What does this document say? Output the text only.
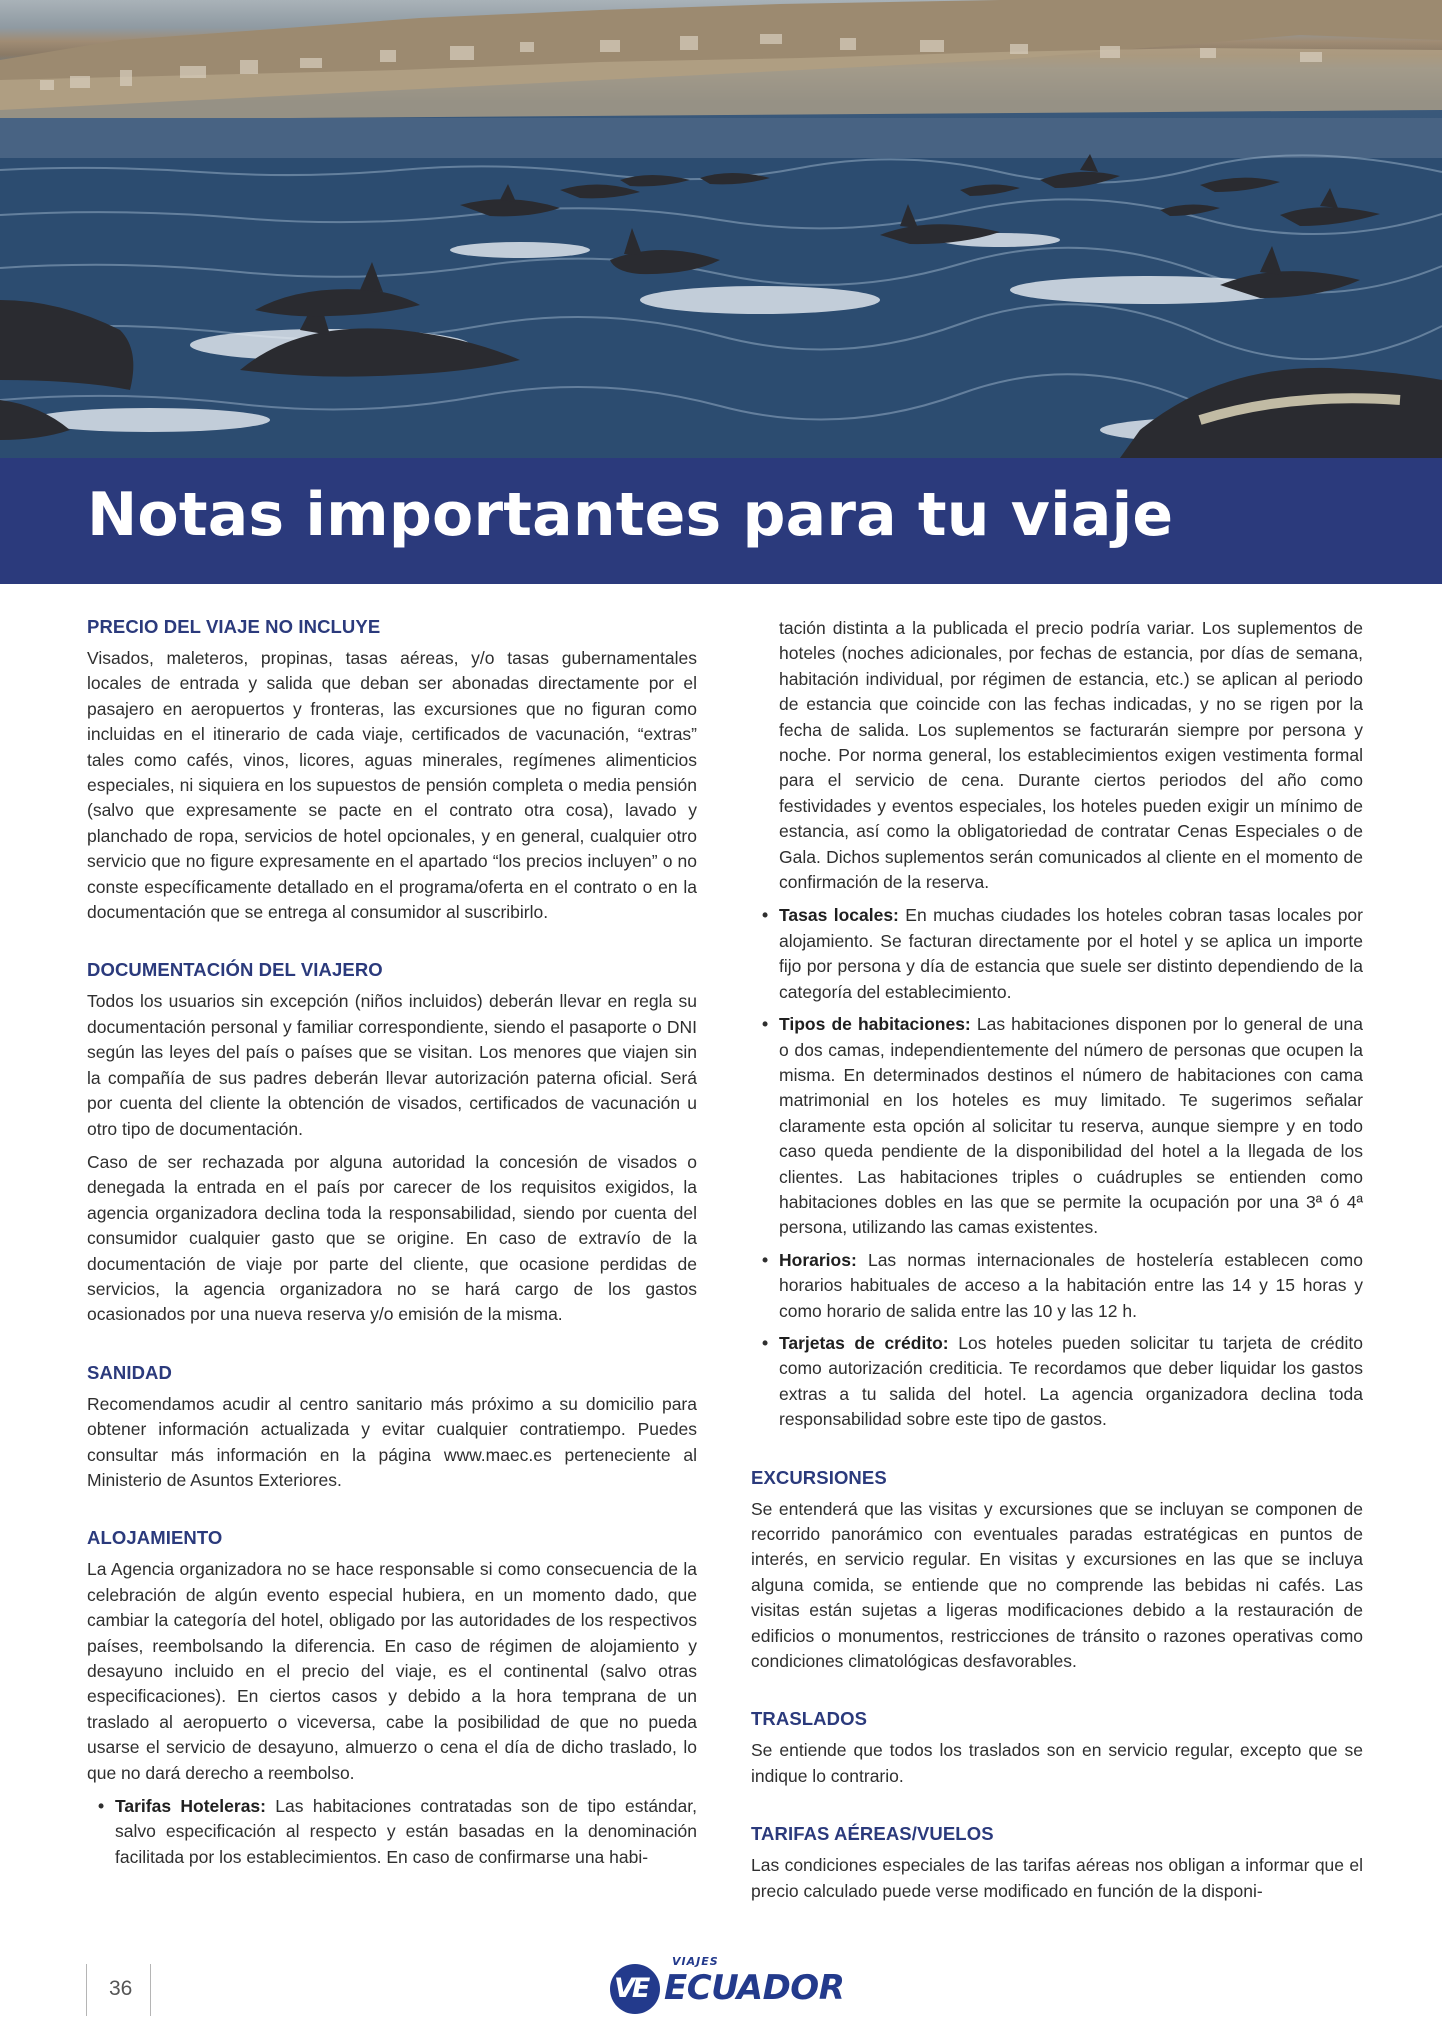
Notas importantes para tu viaje
PRECIO DEL VIAJE NO INCLUYE

Visados, maleteros, propinas, tasas aéreas, y/o tasas gubernamentales locales de entrada y salida que deban ser abonadas directamente por el pasajero en aeropuertos y fronteras, las excursiones que no figuran como incluidas en el itinerario de cada viaje, certificados de vacunación, “extras” tales como cafés, vinos, licores, aguas minerales, regímenes alimenticios especiales, ni siquiera en los supuestos de pensión completa o media pensión (salvo que expresamente se pacte en el contrato otra cosa), lavado y planchado de ropa, servicios de hotel opcionales, y en general, cualquier otro servicio que no figure expresamente en el apartado “los precios incluyen” o no conste específicamente detallado en el programa/oferta en el contrato o en la documentación que se entrega al consumidor al suscribirlo.

DOCUMENTACIÓN DEL VIAJERO

Todos los usuarios sin excepción (niños incluidos) deberán llevar en regla su documentación personal y familiar correspondiente, siendo el pasaporte o DNI según las leyes del país o países que se visitan. Los menores que viajen sin la compañía de sus padres deberán llevar autorización paterna oficial. Será por cuenta del cliente la obtención de visados, certificados de vacunación u otro tipo de documentación.

Caso de ser rechazada por alguna autoridad la concesión de visados o denegada la entrada en el país por carecer de los requisitos exigidos, la agencia organizadora declina toda la responsabilidad, siendo por cuenta del consumidor cualquier gasto que se origine. En caso de extravío de la documentación de viaje por parte del cliente, que ocasione perdidas de servicios, la agencia organizadora no se hará cargo de los gastos ocasionados por una nueva reserva y/o emisión de la misma.

SANIDAD

Recomendamos acudir al centro sanitario más próximo a su domicilio para obtener información actualizada y evitar cualquier contratiempo. Puedes consultar más información en la página www.maec.es perteneciente al Ministerio de Asuntos Exteriores.

ALOJAMIENTO

La Agencia organizadora no se hace responsable si como consecuencia de la celebración de algún evento especial hubiera, en un momento dado, que cambiar la categoría del hotel, obligado por las autoridades de los respectivos países, reembolsando la diferencia. En caso de régimen de alojamiento y desayuno incluido en el precio del viaje, es el continental (salvo otras especificaciones). En ciertos casos y debido a la hora temprana de un traslado al aeropuerto o viceversa, cabe la posibilidad de que no pueda usarse el servicio de desayuno, almuerzo o cena el día de dicho traslado, lo que no dará derecho a reembolso.

• Tarifas Hoteleras: Las habitaciones contratadas son de tipo estándar, salvo especificación al respecto y están basadas en la denominación facilitada por los establecimientos. En caso de confirmarse una habi-

tación distinta a la publicada el precio podría variar. Los suplementos de hoteles (noches adicionales, por fechas de estancia, por días de semana, habitación individual, por régimen de estancia, etc.) se aplican al periodo de estancia que coincide con las fechas indicadas, y no se rigen por la fecha de salida. Los suplementos se facturarán siempre por persona y noche. Por norma general, los establecimientos exigen vestimenta formal para el servicio de cena. Durante ciertos periodos del año como festividades y eventos especiales, los hoteles pueden exigir un mínimo de estancia, así como la obligatoriedad de contratar Cenas Especiales o de Gala. Dichos suplementos serán comunicados al cliente en el momento de confirmación de la reserva.

• Tasas locales: En muchas ciudades los hoteles cobran tasas locales por alojamiento. Se facturan directamente por el hotel y se aplica un importe fijo por persona y día de estancia que suele ser distinto dependiendo de la categoría del establecimiento.
• Tipos de habitaciones: Las habitaciones disponen por lo general de una o dos camas, independientemente del número de personas que ocupen la misma. En determinados destinos el número de habitaciones con cama matrimonial en los hoteles es muy limitado. Te sugerimos señalar claramente esta opción al solicitar tu reserva, aunque siempre y en todo caso queda pendiente de la disponibilidad del hotel a la llegada de los clientes. Las habitaciones triples o cuádruples se entienden como habitaciones dobles en las que se permite la ocupación por una 3ª ó 4ª persona, utilizando las camas existentes.
• Horarios: Las normas internacionales de hostelería establecen como horarios habituales de acceso a la habitación entre las 14 y 15 horas y como horario de salida entre las 10 y las 12 h.
• Tarjetas de crédito: Los hoteles pueden solicitar tu tarjeta de crédito como autorización crediticia. Te recordamos que deber liquidar los gastos extras a tu salida del hotel. La agencia organizadora declina toda responsabilidad sobre este tipo de gastos.
EXCURSIONES

Se entenderá que las visitas y excursiones que se incluyan se componen de recorrido panorámico con eventuales paradas estratégicas en puntos de interés, en servicio regular. En visitas y excursiones en las que se incluya alguna comida, se entiende que no comprende las bebidas ni cafés. Las visitas están sujetas a ligeras modificaciones debido a la restauración de edificios o monumentos, restricciones de tránsito o razones operativas como condiciones climatológicas desfavorables.

TRASLADOS

Se entiende que todos los traslados son en servicio regular, excepto que se indique lo contrario.

TARIFAS AÉREAS/VUELOS

Las condiciones especiales de las tarifas aéreas nos obligan a informar que el precio calculado puede verse modificado en función de la disponi-

36	VE
VIAJES
ECUADOR
